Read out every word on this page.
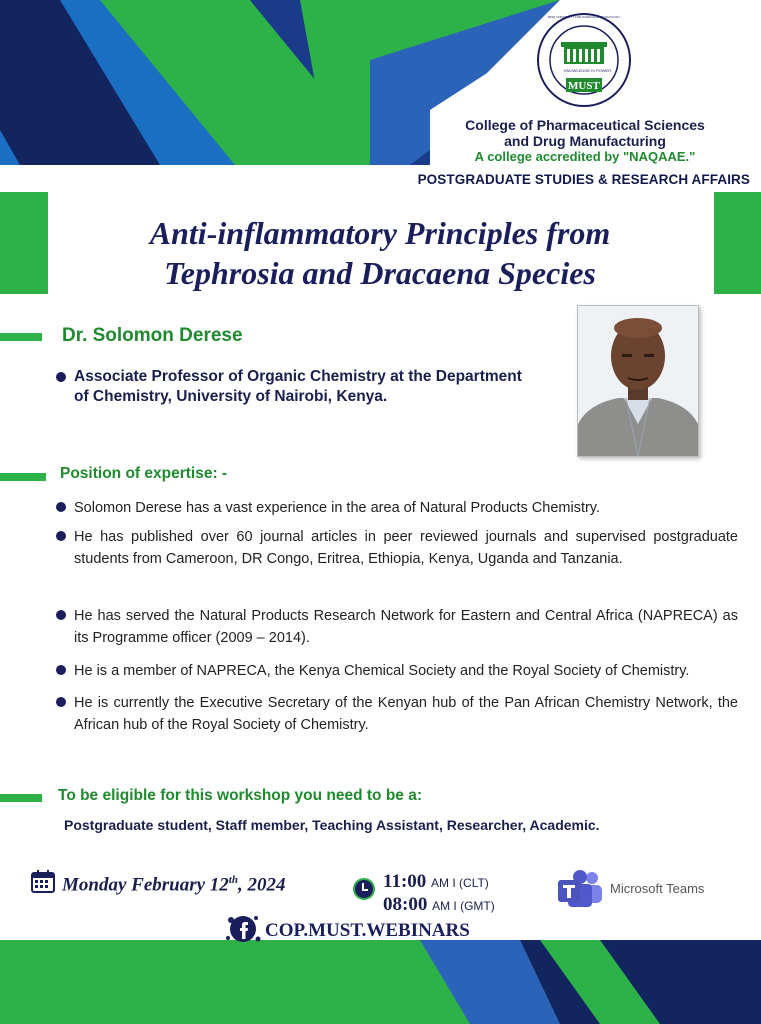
MUST
KNOWLEDGE IS POWER
MISR UNIVERSITY FOR SCIENCE & TECHNOLOGY
College of Pharmaceutical Sciences
and Drug Manufacturing
A college accredited by "NAQAAE."
POSTGRADUATE STUDIES & RESEARCH AFFAIRS
Anti-inflammatory Principles from
Tephrosia and Dracaena Species
Dr. Solomon Derese
Associate Professor of Organic Chemistry at the Department
of Chemistry, University of Nairobi, Kenya.
Position of expertise: -
Solomon Derese has a vast experience in the area of Natural Products Chemistry.
He has published over 60 journal articles in peer reviewed journals and supervised postgraduate students from Cameroon, DR Congo, Eritrea, Ethiopia, Kenya, Uganda and Tanzania.
He has served the Natural Products Research Network for Eastern and Central Africa (NAPRECA) as its Programme officer (2009 – 2014).
He is a member of NAPRECA, the Kenya Chemical Society and the Royal Society of Chemistry.
He is currently the Executive Secretary of the Kenyan hub of the Pan African Chemistry Network, the African hub of the Royal Society of Chemistry.
To be eligible for this workshop you need to be a:
Postgraduate student, Staff member, Teaching Assistant, Researcher, Academic.
Monday February 12th, 2024	11:00 AM I (CLT)
08:00 AM I (GMT)
Microsoft Teams
COP.MUST.WEBINARS
